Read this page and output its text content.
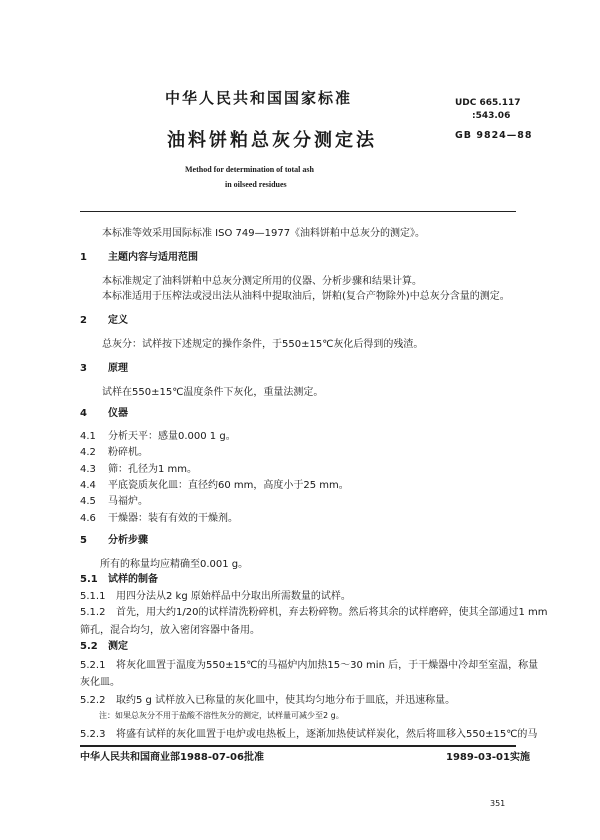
中华人民共和国国家标准	UDC 665.117
:543.06
GB 9824—88
油料饼粕总灰分测定法
Method for determination of total ash
in oilseed residues
本标准等效采用国际标准 ISO 749—1977《油料饼粕中总灰分的测定》。
1 主题内容与适用范围
本标准规定了油料饼粕中总灰分测定所用的仪器、分析步骤和结果计算。
本标准适用于压榨法或浸出法从油料中提取油后，饼粕(复合产物除外)中总灰分含量的测定。
2 定义
总灰分：试样按下述规定的操作条件，于550±15℃灰化后得到的残渣。
3 原理
试样在550±15℃温度条件下灰化，重量法测定。
4 仪器
4.1 分析天平：感量0.000 1 g。
4.2 粉碎机。
4.3 筛：孔径为1 mm。
4.4 平底瓷质灰化皿：直径约60 mm，高度小于25 mm。
4.5 马福炉。
4.6 干燥器：装有有效的干燥剂。
5 分析步骤
所有的称量均应精确至0.001 g。
5.1 试样的制备
5.1.1 用四分法从2 kg 原始样品中分取出所需数量的试样。
5.1.2 首先，用大约1/20的试样清洗粉碎机，弃去粉碎物。然后将其余的试样磨碎，使其全部通过1 mm
筛孔，混合均匀，放入密闭容器中备用。
5.2 测定
5.2.1 将灰化皿置于温度为550±15℃的马福炉内加热15～30 min 后，于干燥器中冷却至室温，称量
灰化皿。
5.2.2 取约5 g 试样放入已称量的灰化皿中，使其均匀地分布于皿底，并迅速称量。
注：如果总灰分不用于盐酸不溶性灰分的测定，试样量可减少至2 g。
5.2.3 将盛有试样的灰化皿置于电炉或电热板上，逐渐加热使试样炭化，然后将皿移入550±15℃的马
中华人民共和国商业部1988-07-06批准	1989-03-01实施
351
